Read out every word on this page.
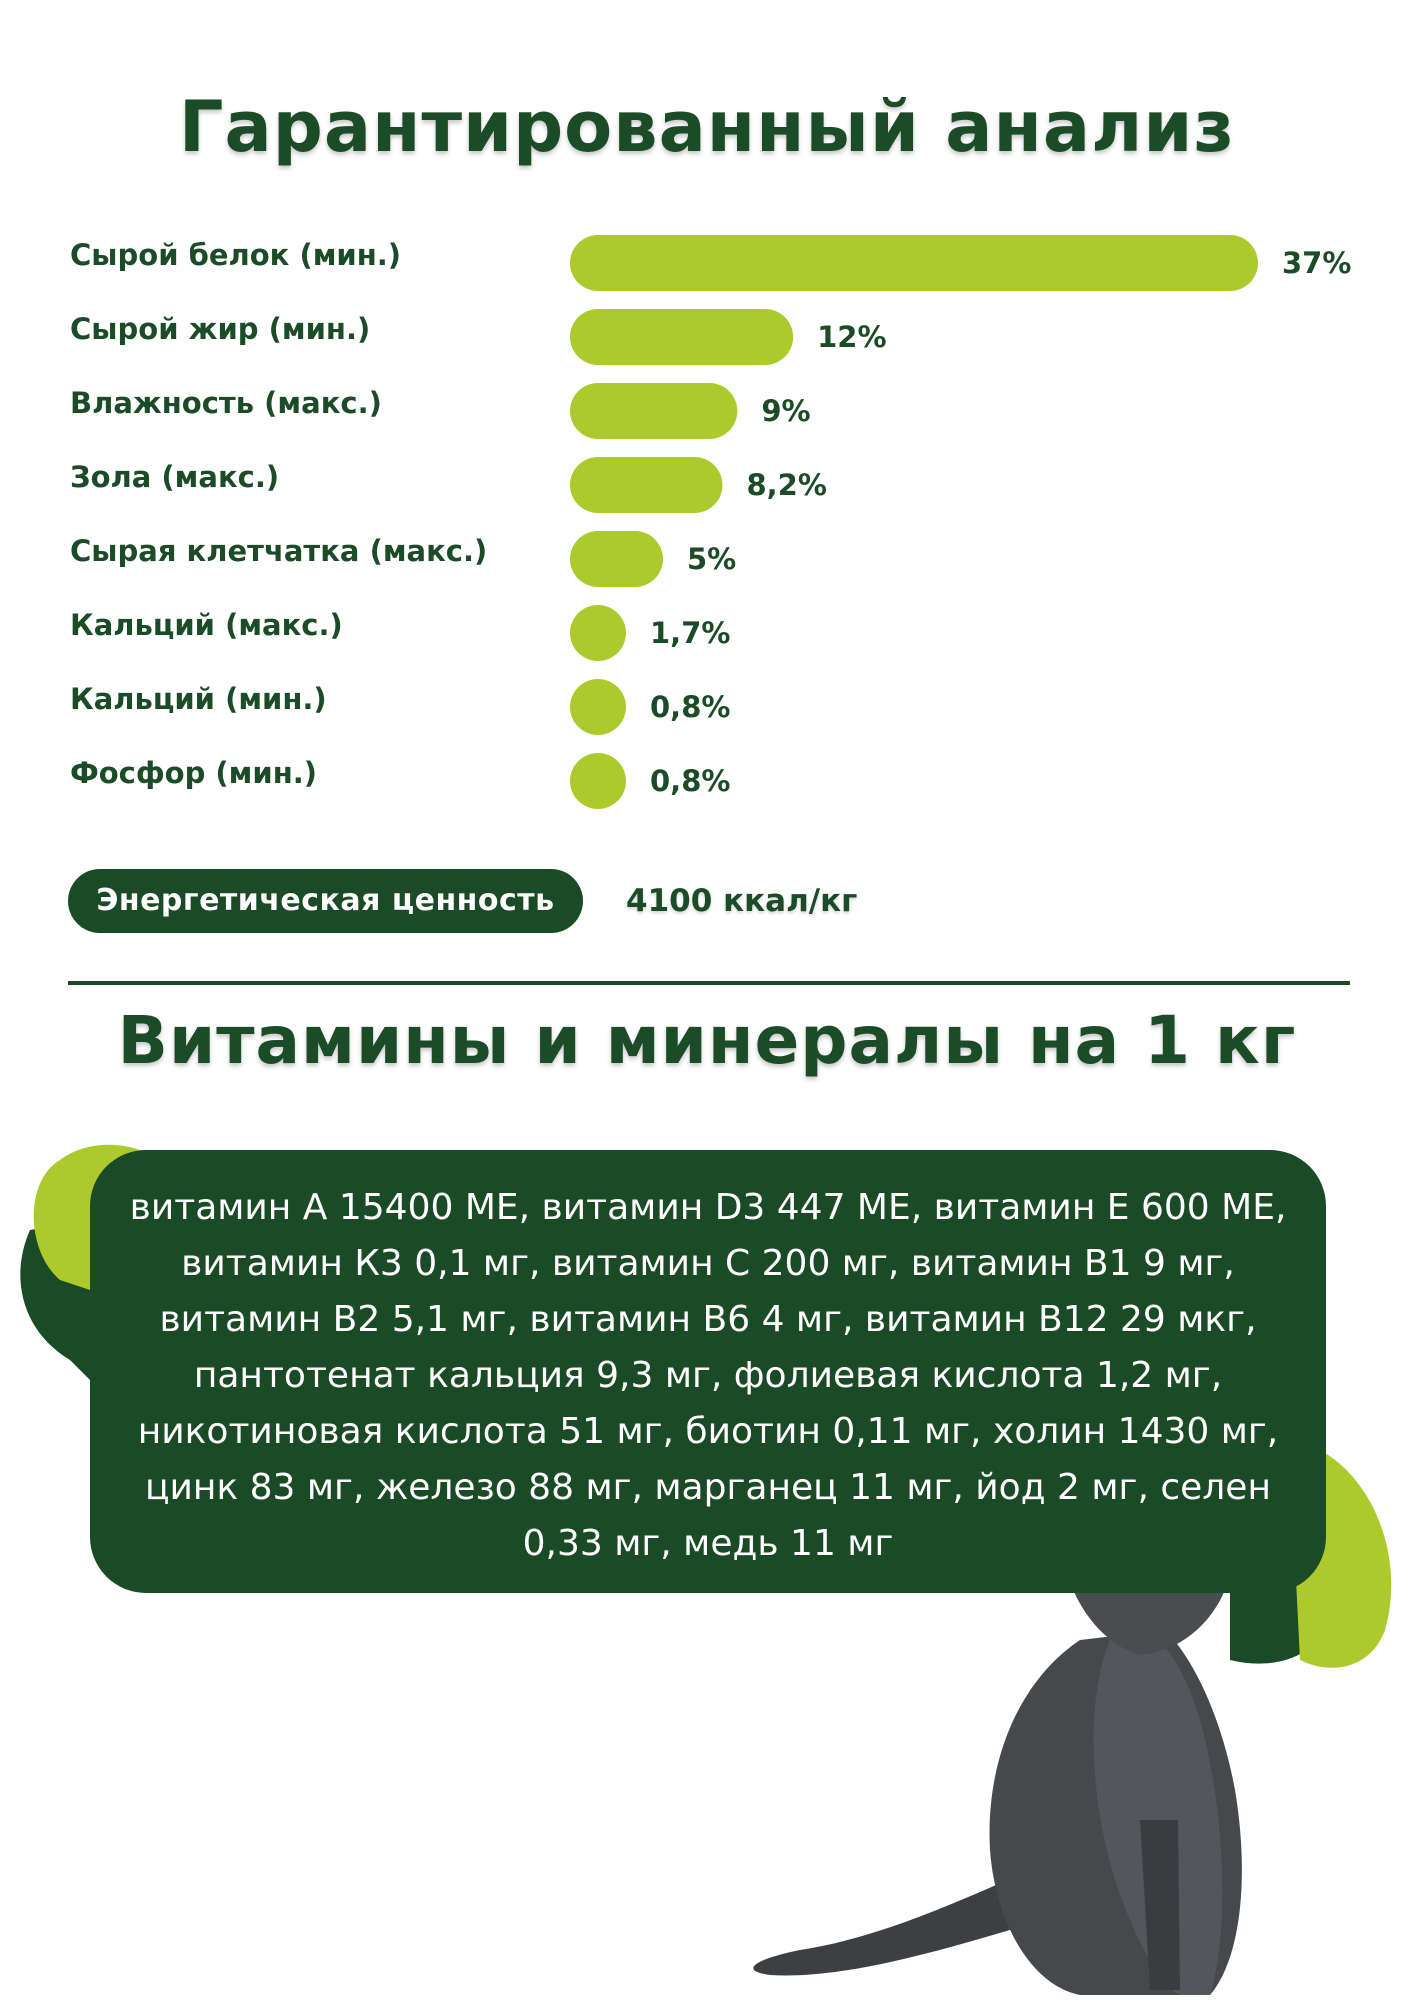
Гарантированный анализ
Сырой белок (мин.)	37%
Сырой жир (мин.)	12%
Влажность (макс.)	9%
Зола (макс.)	8,2%
Сырая клетчатка (макс.)	5%
Кальций (макс.)	1,7%
Кальций (мин.)	0,8%
Фосфор (мин.)	0,8%
Энергетическая ценность	4100 ккал/кг
Витамины и минералы на 1 кг

витамин А 15400 МЕ, витамин D3 447 МЕ, витамин Е 600 МЕ, витамин К3 0,1 мг, витамин С 200 мг, витамин В1 9 мг, витамин В2 5,1 мг, витамин В6 4 мг, витамин В12 29 мкг, пантотенат кальция 9,3 мг, фолиевая кислота 1,2 мг, никотиновая кислота 51 мг, биотин 0,11 мг, холин 1430 мг, цинк 83 мг, железо 88 мг, марганец 11 мг, йод 2 мг, селен 0,33 мг, медь 11 мг
